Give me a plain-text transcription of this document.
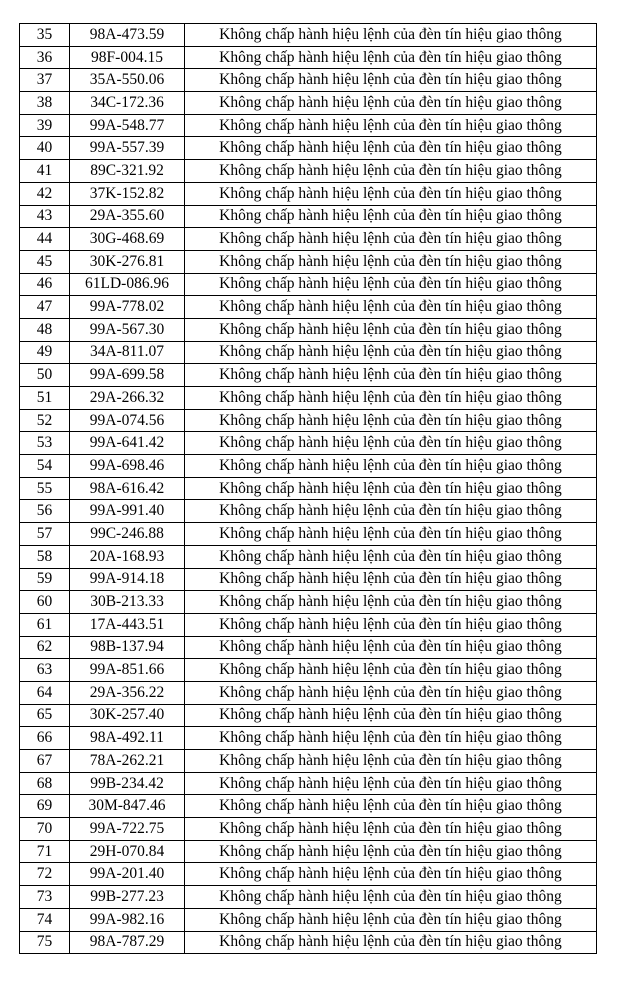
35	98A-473.59	Không chấp hành hiệu lệnh của đèn tín hiệu giao thông
36	98F-004.15	Không chấp hành hiệu lệnh của đèn tín hiệu giao thông
37	35A-550.06	Không chấp hành hiệu lệnh của đèn tín hiệu giao thông
38	34C-172.36	Không chấp hành hiệu lệnh của đèn tín hiệu giao thông
39	99A-548.77	Không chấp hành hiệu lệnh của đèn tín hiệu giao thông
40	99A-557.39	Không chấp hành hiệu lệnh của đèn tín hiệu giao thông
41	89C-321.92	Không chấp hành hiệu lệnh của đèn tín hiệu giao thông
42	37K-152.82	Không chấp hành hiệu lệnh của đèn tín hiệu giao thông
43	29A-355.60	Không chấp hành hiệu lệnh của đèn tín hiệu giao thông
44	30G-468.69	Không chấp hành hiệu lệnh của đèn tín hiệu giao thông
45	30K-276.81	Không chấp hành hiệu lệnh của đèn tín hiệu giao thông
46	61LD-086.96	Không chấp hành hiệu lệnh của đèn tín hiệu giao thông
47	99A-778.02	Không chấp hành hiệu lệnh của đèn tín hiệu giao thông
48	99A-567.30	Không chấp hành hiệu lệnh của đèn tín hiệu giao thông
49	34A-811.07	Không chấp hành hiệu lệnh của đèn tín hiệu giao thông
50	99A-699.58	Không chấp hành hiệu lệnh của đèn tín hiệu giao thông
51	29A-266.32	Không chấp hành hiệu lệnh của đèn tín hiệu giao thông
52	99A-074.56	Không chấp hành hiệu lệnh của đèn tín hiệu giao thông
53	99A-641.42	Không chấp hành hiệu lệnh của đèn tín hiệu giao thông
54	99A-698.46	Không chấp hành hiệu lệnh của đèn tín hiệu giao thông
55	98A-616.42	Không chấp hành hiệu lệnh của đèn tín hiệu giao thông
56	99A-991.40	Không chấp hành hiệu lệnh của đèn tín hiệu giao thông
57	99C-246.88	Không chấp hành hiệu lệnh của đèn tín hiệu giao thông
58	20A-168.93	Không chấp hành hiệu lệnh của đèn tín hiệu giao thông
59	99A-914.18	Không chấp hành hiệu lệnh của đèn tín hiệu giao thông
60	30B-213.33	Không chấp hành hiệu lệnh của đèn tín hiệu giao thông
61	17A-443.51	Không chấp hành hiệu lệnh của đèn tín hiệu giao thông
62	98B-137.94	Không chấp hành hiệu lệnh của đèn tín hiệu giao thông
63	99A-851.66	Không chấp hành hiệu lệnh của đèn tín hiệu giao thông
64	29A-356.22	Không chấp hành hiệu lệnh của đèn tín hiệu giao thông
65	30K-257.40	Không chấp hành hiệu lệnh của đèn tín hiệu giao thông
66	98A-492.11	Không chấp hành hiệu lệnh của đèn tín hiệu giao thông
67	78A-262.21	Không chấp hành hiệu lệnh của đèn tín hiệu giao thông
68	99B-234.42	Không chấp hành hiệu lệnh của đèn tín hiệu giao thông
69	30M-847.46	Không chấp hành hiệu lệnh của đèn tín hiệu giao thông
70	99A-722.75	Không chấp hành hiệu lệnh của đèn tín hiệu giao thông
71	29H-070.84	Không chấp hành hiệu lệnh của đèn tín hiệu giao thông
72	99A-201.40	Không chấp hành hiệu lệnh của đèn tín hiệu giao thông
73	99B-277.23	Không chấp hành hiệu lệnh của đèn tín hiệu giao thông
74	99A-982.16	Không chấp hành hiệu lệnh của đèn tín hiệu giao thông
75	98A-787.29	Không chấp hành hiệu lệnh của đèn tín hiệu giao thông
